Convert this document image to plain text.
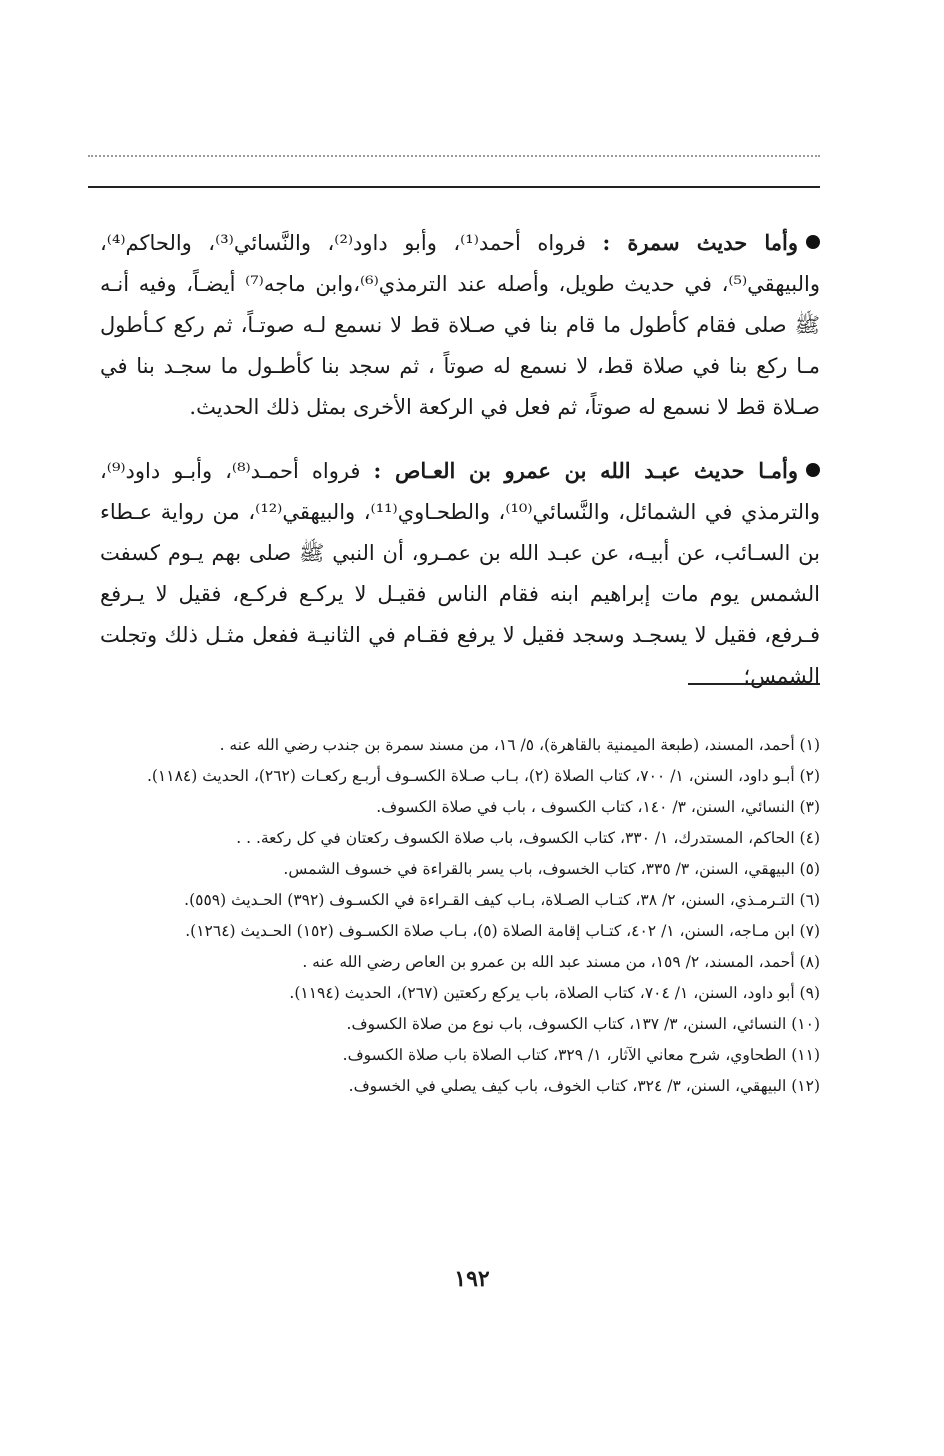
وأما حديث سمرة : فرواه أحمد⁽¹⁾، وأبو داود⁽²⁾، والنَّسائي⁽³⁾، والحاكم⁽⁴⁾، والبيهقي⁽⁵⁾، في حديث طويل، وأصله عند الترمذي⁽⁶⁾،وابن ماجه⁽⁷⁾ أيضـاً، وفيه أنـه ﷺ صلى فقام كأطول ما قام بنا في صـلاة قط لا نسمع لـه صوتـاً، ثم ركع كـأطول مـا ركع بنا في صلاة قط، لا نسمع له صوتاً ، ثم سجد بنا كأطـول ما سجـد بنا في صـلاة قط لا نسمع له صوتاً، ثم فعل في الركعة الأخرى بمثل ذلك الحديث.

وأمـا حديث عبـد الله بن عمرو بن العـاص : فرواه أحمـد⁽⁸⁾، وأبـو داود⁽⁹⁾، والترمذي في الشمائل، والنَّسائي⁽¹⁰⁾، والطحـاوي⁽¹¹⁾، والبيهقي⁽¹²⁾، من رواية عـطاء بن السـائب، عن أبيـه، عن عبـد الله بن عمـرو، أن النبي ﷺ صلى بهم يـوم كسفت الشمس يوم مات إبراهيم ابنه فقام الناس فقيـل لا يركـع فركـع، فقيل لا يـرفع فـرفع، فقيل لا يسجـد وسجد فقيل لا يرفع فقـام في الثانيـة ففعل مثـل ذلك وتجلت الشمس؛

(١) أحمد، المسند، (طبعة الميمنية بالقاهرة)، ٥/ ١٦، من مسند سمرة بن جندب رضي الله عنه .
(٢) أبـو داود، السنن، ١/ ٧٠٠، كتاب الصلاة (٢)، بـاب صـلاة الكسـوف أربـع ركعـات (٢٦٢)، الحديث (١١٨٤).
(٣) النسائي، السنن، ٣/ ١٤٠، كتاب الكسوف ، باب في صلاة الكسوف.
(٤) الحاكم، المستدرك، ١/ ٣٣٠، كتاب الكسوف، باب صلاة الكسوف ركعتان في كل ركعة. . .
(٥) البيهقي، السنن، ٣/ ٣٣٥، كتاب الخسوف، باب يسر بالقراءة في خسوف الشمس.
(٦) التـرمـذي، السنن، ٢/ ٣٨، كتـاب الصـلاة، بـاب كيف القـراءة في الكسـوف (٣٩٢) الحـديث (٥٥٩).
(٧) ابن مـاجه، السنن، ١/ ٤٠٢، كتـاب إقامة الصلاة (٥)، بـاب صلاة الكسـوف (١٥٢) الحـديث (١٢٦٤).
(٨) أحمد، المسند، ٢/ ١٥٩، من مسند عبد الله بن عمرو بن العاص رضي الله عنه .
(٩) أبو داود، السنن، ١/ ٧٠٤، كتاب الصلاة، باب يركع ركعتين (٢٦٧)، الحديث (١١٩٤).
(١٠) النسائي، السنن، ٣/ ١٣٧، كتاب الكسوف، باب نوع من صلاة الكسوف.
(١١) الطحاوي، شرح معاني الآثار، ١/ ٣٢٩، كتاب الصلاة باب صلاة الكسوف.
(١٢) البيهقي، السنن، ٣/ ٣٢٤، كتاب الخوف، باب كيف يصلي في الخسوف.
١٩٢
